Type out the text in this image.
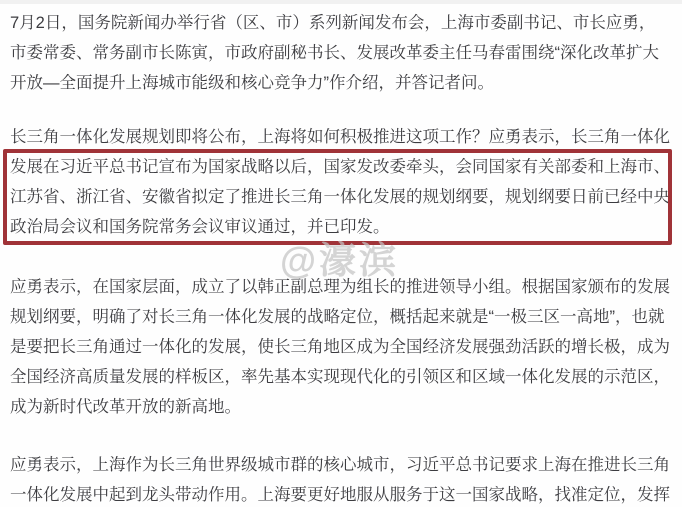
7月2日，国务院新闻办举行省（区、市）系列新闻发布会，上海市委副书记、市长应勇，
市委常委、常务副市长陈寅，市政府副秘书长、发展改革委主任马春雷围绕“深化改革扩大
开放—全面提升上海城市能级和核心竞争力”作介绍，并答记者问。
长三角一体化发展规划即将公布，上海将如何积极推进这项工作？应勇表示，长三角一体化
发展在习近平总书记宣布为国家战略以后，国家发改委牵头，会同国家有关部委和上海市、
江苏省、浙江省、安徽省拟定了推进长三角一体化发展的规划纲要，规划纲要日前已经中央
政治局会议和国务院常务会议审议通过，并已印发。
应勇表示，在国家层面，成立了以韩正副总理为组长的推进领导小组。根据国家颁布的发展
规划纲要，明确了对长三角一体化发展的战略定位，概括起来就是“一极三区一高地”，也就
是要把长三角通过一体化的发展，使长三角地区成为全国经济发展强劲活跃的增长极，成为
全国经济高质量发展的样板区，率先基本实现现代化的引领区和区域一体化发展的示范区，
成为新时代改革开放的新高地。
应勇表示，上海作为长三角世界级城市群的核心城市，习近平总书记要求上海在推进长三角
一体化发展中起到龙头带动作用。上海要更好地服从服务于这一国家战略，找准定位，发挥
@濠滨
